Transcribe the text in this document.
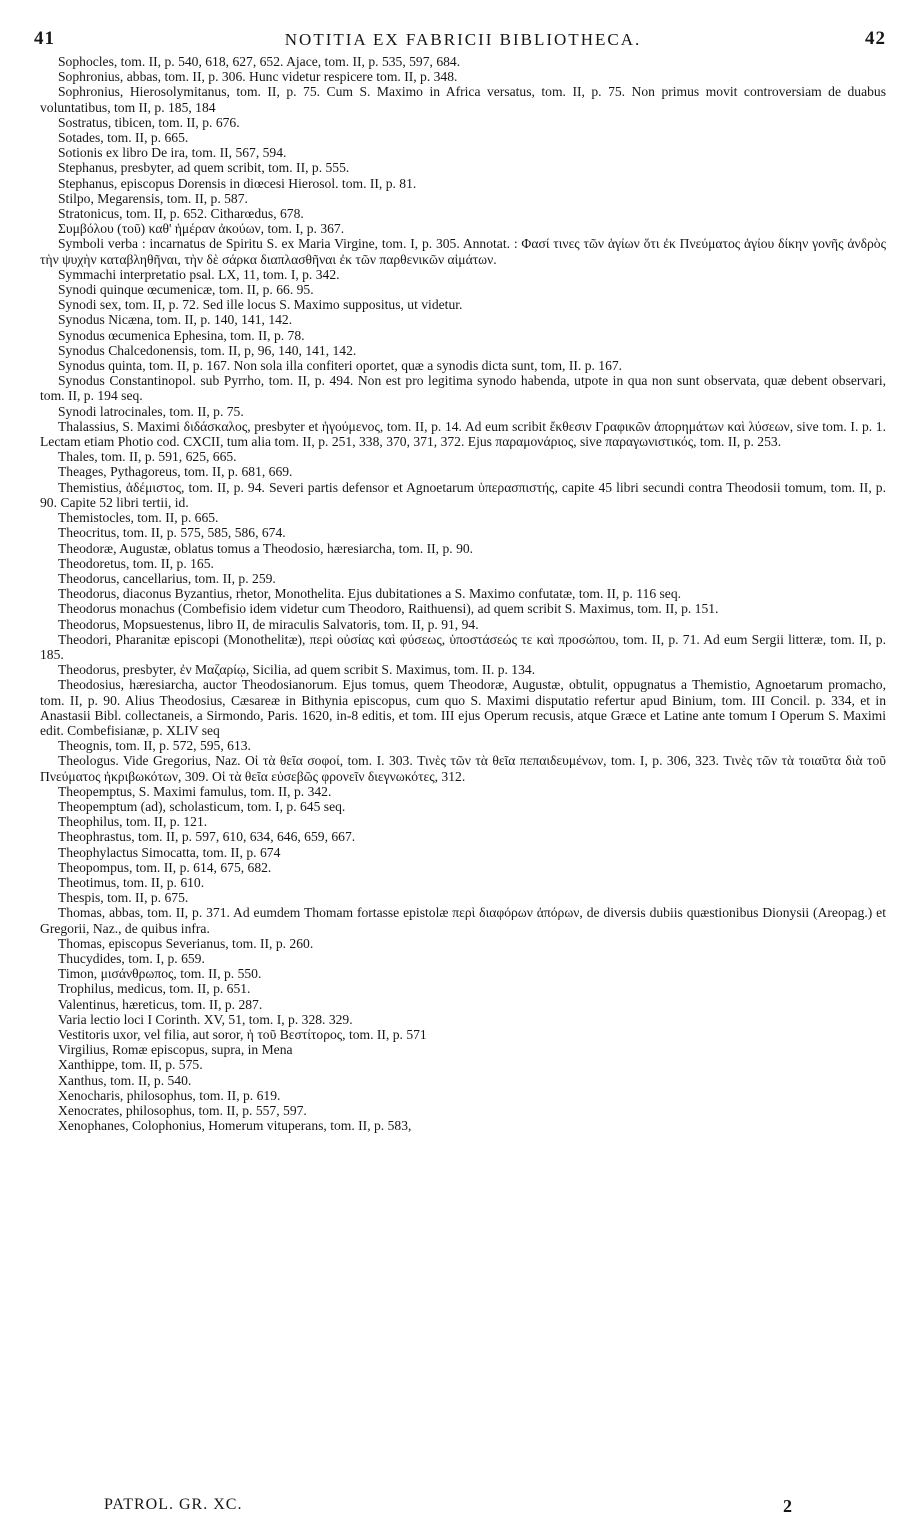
41	NOTITIA EX FABRICII BIBLIOTHECA.	42

Sophocles, tom. II, p. 540, 618, 627, 652. Ajace, tom. II, p. 535, 597, 684.

Sophronius, abbas, tom. II, p. 306. Hunc videtur respicere tom. II, p. 348.

Sophronius, Hierosolymitanus, tom. II, p. 75. Cum S. Maximo in Africa versatus, tom. II, p. 75. Non primus movit controversiam de duabus voluntatibus, tom II, p. 185, 184

Sostratus, tibicen, tom. II, p. 676.

Sotades, tom. II, p. 665.

Sotionis ex libro De ira, tom. II, 567, 594.

Stephanus, presbyter, ad quem scribit, tom. II, p. 555.

Stephanus, episcopus Dorensis in diœcesi Hierosol. tom. II, p. 81.

Stilpo, Megarensis, tom. II, p. 587.

Stratonicus, tom. II, p. 652. Citharœdus, 678.

Συμβόλου (τοῦ) καθ' ἡμέραν ἀκούων, tom. I, p. 367.

Symboli verba : incarnatus de Spiritu S. ex Maria Virgine, tom. I, p. 305. Annotat. : Φασί τινες τῶν ἁγίων ὅτι ἐκ Πνεύματος ἁγίου δίκην γονῆς ἀνδρὸς τὴν ψυχὴν καταβληθῆναι, τὴν δὲ σάρκα διαπλασθῆναι ἐκ τῶν παρθενικῶν αἱμάτων.

Symmachi interpretatio psal. LX, 11, tom. I, p. 342.

Synodi quinque œcumenicæ, tom. II, p. 66. 95.

Synodi sex, tom. II, p. 72. Sed ille locus S. Maximo suppositus, ut videtur.

Synodus Nicæna, tom. II, p. 140, 141, 142.

Synodus œcumenica Ephesina, tom. II, p. 78.

Synodus Chalcedonensis, tom. II, p, 96, 140, 141, 142.

Synodus quinta, tom. II, p. 167. Non sola illa confiteri oportet, quæ a synodis dicta sunt, tom, II. p. 167.

Synodus Constantinopol. sub Pyrrho, tom. II, p. 494. Non est pro legitima synodo habenda, utpote in qua non sunt observata, quæ debent observari, tom. II, p. 194 seq.

Synodi latrocinales, tom. II, p. 75.

Thalassius, S. Maximi διδάσκαλος, presbyter et ἡγούμενος, tom. II, p. 14. Ad eum scribit ἔκθεσιν Γραφικῶν ἀπορημάτων καὶ λύσεων, sive tom. I. p. 1. Lectam etiam Photio cod. CXCII, tum alia tom. II, p. 251, 338, 370, 371, 372. Ejus παραμονάριος, sive παραγωνιστικός, tom. II, p. 253.

Thales, tom. II, p. 591, 625, 665.

Theages, Pythagoreus, tom. II, p. 681, 669.

Themistius, ἀδέμιστος, tom. II, p. 94. Severi partis defensor et Agnoetarum ὑπερασπιστής, capite 45 libri secundi contra Theodosii tomum, tom. II, p. 90. Capite 52 libri tertii, id.

Themistocles, tom. II, p. 665.

Theocritus, tom. II, p. 575, 585, 586, 674.

Theodoræ, Augustæ, oblatus tomus a Theodosio, hæresiarcha, tom. II, p. 90.

Theodoretus, tom. II, p. 165.

Theodorus, cancellarius, tom. II, p. 259.

Theodorus, diaconus Byzantius, rhetor, Monothelita. Ejus dubitationes a S. Maximo confutatæ, tom. II, p. 116 seq.

Theodorus monachus (Combefisio idem videtur cum Theodoro, Raithuensi), ad quem scribit S. Maximus, tom. II, p. 151.

Theodorus, Mopsuestenus, libro II, de miraculis Salvatoris, tom. II, p. 91, 94.

Theodori, Pharanitæ episcopi (Monothelitæ), περὶ οὐσίας καὶ φύσεως, ὑποστάσεώς τε καὶ προσώπου, tom. II, p. 71. Ad eum Sergii litteræ, tom. II, p. 185.

Theodorus, presbyter, ἐν Μαζαρίῳ, Sicilia, ad quem scribit S. Maximus, tom. II. p. 134.

Theodosius, hæresiarcha, auctor Theodosianorum. Ejus tomus, quem Theodoræ, Augustæ, obtulit, oppugnatus a Themistio, Agnoetarum promacho, tom. II, p. 90. Alius Theodosius, Cæsareæ in Bithynia episcopus, cum quo S. Maximi disputatio refertur apud Binium, tom. III Concil. p. 334, et in Anastasii Bibl. collectaneis, a Sirmondo, Paris. 1620, in-8 editis, et tom. III ejus Operum recusis, atque Græce et Latine ante tomum I Operum S. Maximi edit. Combefisianæ, p. XLIV seq

Theognis, tom. II, p. 572, 595, 613.

Theologus. Vide Gregorius, Naz. Οἱ τὰ θεῖα σοφοί, tom. I. 303. Τινὲς τῶν τὰ θεῖα πεπαιδευμένων, tom. I, p. 306, 323. Τινὲς τῶν τὰ τοιαῦτα διὰ τοῦ Πνεύματος ἠκριβωκότων, 309. Οἱ τὰ θεῖα εὐσεβῶς φρονεῖν διεγνωκότες, 312.

Theopemptus, S. Maximi famulus, tom. II, p. 342.

Theopemptum (ad), scholasticum, tom. I, p. 645 seq.

Theophilus, tom. II, p. 121.

Theophrastus, tom. II, p. 597, 610, 634, 646, 659, 667.

Theophylactus Simocatta, tom. II, p. 674

Theopompus, tom. II, p. 614, 675, 682.

Theotimus, tom. II, p. 610.

Thespis, tom. II, p. 675.

Thomas, abbas, tom. II, p. 371. Ad eumdem Thomam fortasse epistolæ περὶ διαφόρων ἀπόρων, de diversis dubiis quæstionibus Dionysii (Areopag.) et Gregorii, Naz., de quibus infra.

Thomas, episcopus Severianus, tom. II, p. 260.

Thucydides, tom. I, p. 659.

Timon, μισάνθρωπος, tom. II, p. 550.

Trophilus, medicus, tom. II, p. 651.

Valentinus, hæreticus, tom. II, p. 287.

Varia lectio loci I Corinth. XV, 51, tom. I, p. 328. 329.

Vestitoris uxor, vel filia, aut soror, ἡ τοῦ Βεστίτορος, tom. II, p. 571

Virgilius, Romæ episcopus, supra, in Mena

Xanthippe, tom. II, p. 575.

Xanthus, tom. II, p. 540.

Xenocharis, philosophus, tom. II, p. 619.

Xenocrates, philosophus, tom. II, p. 557, 597.

Xenophanes, Colophonius, Homerum vituperans, tom. II, p. 583,

PATROL. GR. XC.	2
